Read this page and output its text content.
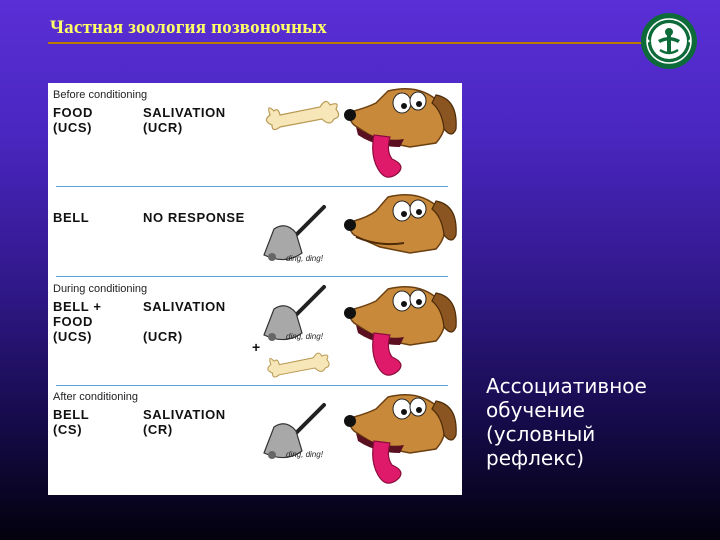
Частная зоология позвоночных
Before conditioning
FOOD
(UCS)
SALIVATION
(UCR)
BELL	NO RESPONSE
ding, ding!
During conditioning
BELL +
FOOD
(UCS)
SALIVATION
(UCR)	ding, ding!
+
After conditioning
BELL
(CS)
SALIVATION
(CR)
ding, ding!
Ассоциативное
обучение
(условный
рефлекс)
